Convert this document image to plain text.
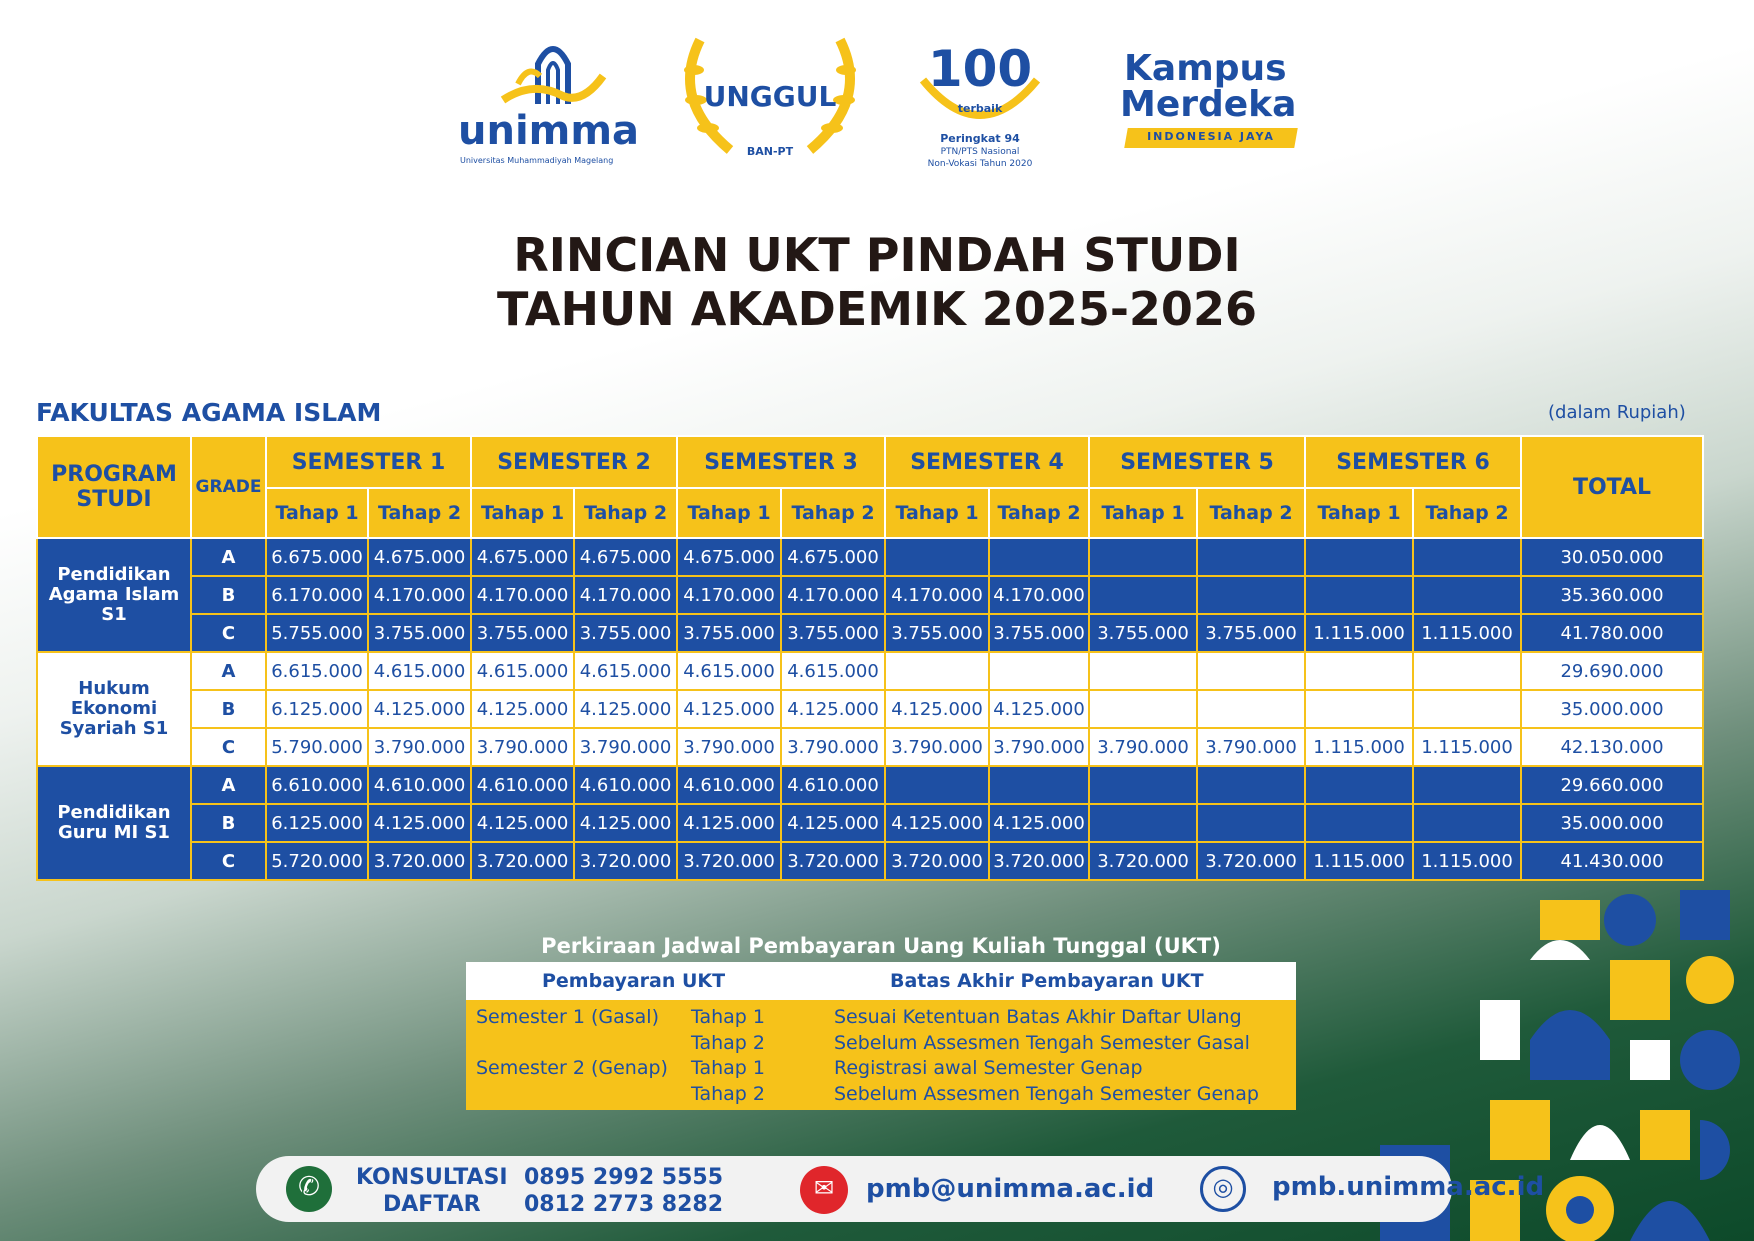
unimma
Universitas Muhammadiyah Magelang
UNGGUL
BAN-PT
100
terbaik
Peringkat 94
PTN/PTS Nasional
Non-Vokasi Tahun 2020
Kampus
Merdeka
INDONESIA JAYA
RINCIAN UKT PINDAH STUDI
TAHUN AKADEMIK 2025-2026
FAKULTAS AGAMA ISLAM	(dalam Rupiah)
PROGRAM STUDI	GRADE	SEMESTER 1		SEMESTER 2		SEMESTER 3		SEMESTER 4		SEMESTER 5		SEMESTER 6		TOTAL
		Tahap 1	Tahap 2	Tahap 1	Tahap 2	Tahap 1	Tahap 2	Tahap 1	Tahap 2	Tahap 1	Tahap 2	Tahap 1	Tahap 2	
Pendidikan Agama Islam S1	A	6.675.000	4.675.000	4.675.000	4.675.000	4.675.000	4.675.000							30.050.000
	B	6.170.000	4.170.000	4.170.000	4.170.000	4.170.000	4.170.000	4.170.000	4.170.000					35.360.000
	C	5.755.000	3.755.000	3.755.000	3.755.000	3.755.000	3.755.000	3.755.000	3.755.000	3.755.000	3.755.000	1.115.000	1.115.000	41.780.000
Hukum Ekonomi Syariah S1	A	6.615.000	4.615.000	4.615.000	4.615.000	4.615.000	4.615.000							29.690.000
	B	6.125.000	4.125.000	4.125.000	4.125.000	4.125.000	4.125.000	4.125.000	4.125.000					35.000.000
	C	5.790.000	3.790.000	3.790.000	3.790.000	3.790.000	3.790.000	3.790.000	3.790.000	3.790.000	3.790.000	1.115.000	1.115.000	42.130.000
Pendidikan Guru MI S1	A	6.610.000	4.610.000	4.610.000	4.610.000	4.610.000	4.610.000							29.660.000
	B	6.125.000	4.125.000	4.125.000	4.125.000	4.125.000	4.125.000	4.125.000	4.125.000					35.000.000
	C	5.720.000	3.720.000	3.720.000	3.720.000	3.720.000	3.720.000	3.720.000	3.720.000	3.720.000	3.720.000	1.115.000	1.115.000	41.430.000
Perkiraan Jadwal Pembayaran Uang Kuliah Tunggal (UKT)
Pembayaran UKT	Batas Akhir Pembayaran UKT
Semester 1 (Gasal) Tahap 1	Sesuai Ketentuan Batas Akhir Daftar Ulang
Tahap 2	Sebelum Assesmen Tengah Semester Gasal
Semester 2 (Genap) Tahap 1	Registrasi awal Semester Genap
Tahap 2	Sebelum Assesmen Tengah Semester Genap
✆	KONSULTASI
DAFTAR
0895 2992 5555
0812 2773 8282
✉	pmb@unimma.ac.id	◎	pmb.unimma.ac.id
